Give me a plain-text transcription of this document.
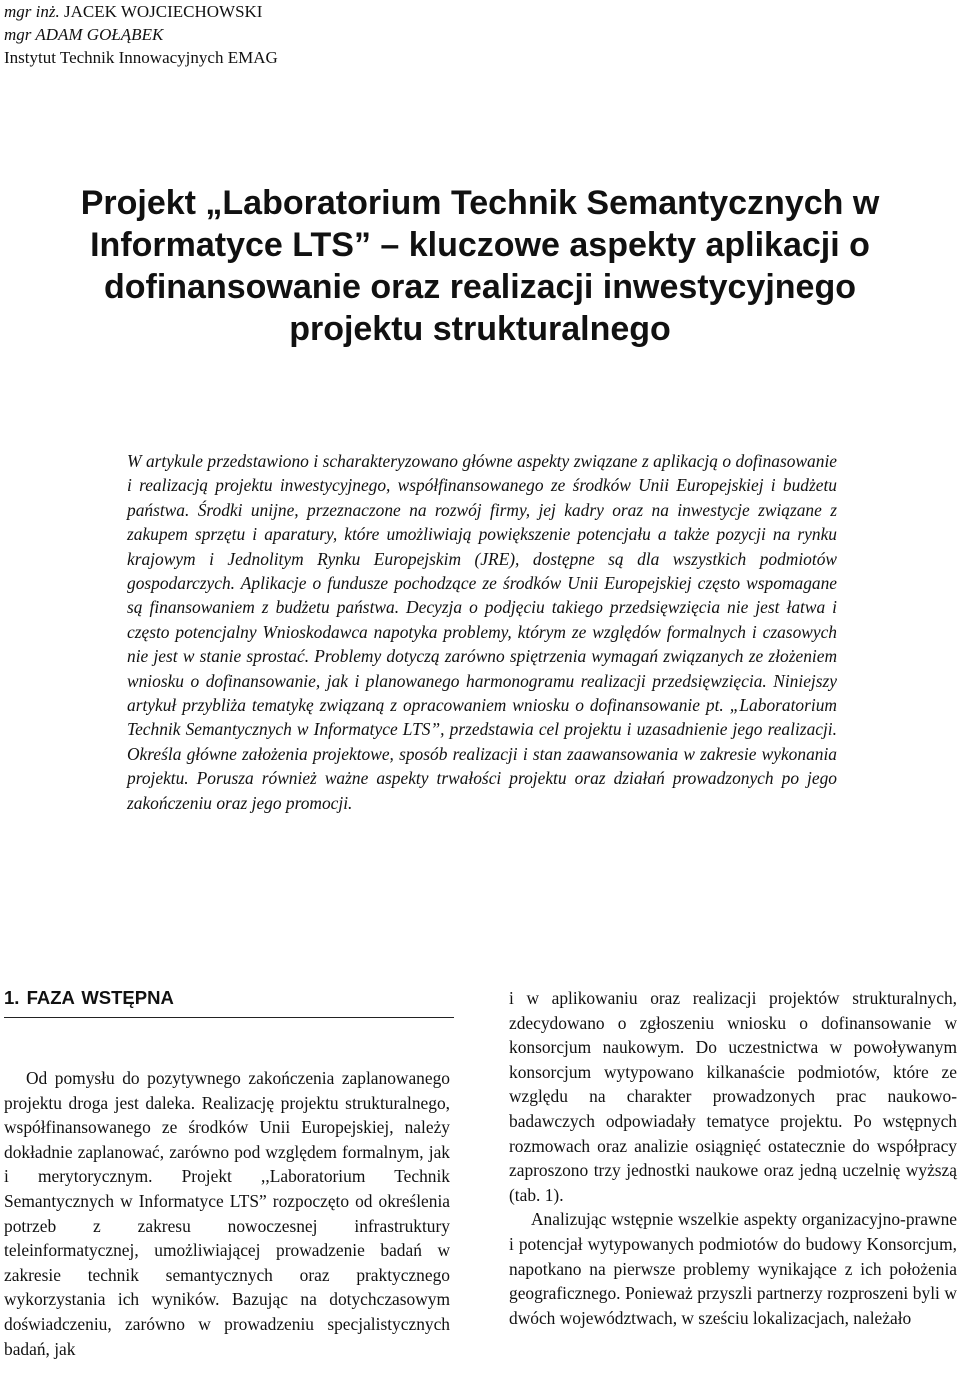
mgr inż. JACEK WOJCIECHOWSKI
mgr ADAM GOŁĄBEK
Instytut Technik Innowacyjnych EMAG
Projekt „Laboratorium Technik Semantycznych w Informatyce LTS” – kluczowe aspekty aplikacji o dofinansowanie oraz realizacji inwestycyjnego projektu strukturalnego

W artykule przedstawiono i scharakteryzowano główne aspekty związane z aplikacją o dofinasowanie i realizacją projektu inwestycyjnego, współfinansowanego ze środków Unii Europejskiej i budżetu państwa. Środki unijne, przeznaczone na rozwój firmy, jej kadry oraz na inwestycje związane z zakupem sprzętu i aparatury, które umożliwiają powiększenie potencjału a także pozycji na rynku krajowym i Jednolitym Rynku Europejskim (JRE), dostępne są dla wszystkich podmiotów gospodarczych. Aplikacje o fundusze pochodzące ze środków Unii Europejskiej często wspomagane są finansowaniem z budżetu państwa. Decyzja o podjęciu takiego przedsięwzięcia nie jest łatwa i często potencjalny Wnioskodawca napotyka problemy, którym ze względów formalnych i czasowych nie jest w stanie sprostać. Problemy dotyczą zarówno spiętrzenia wymagań związanych ze złożeniem wniosku o dofinansowanie, jak i planowanego harmonogramu realizacji przedsięwzięcia. Niniejszy artykuł przybliża tematykę związaną z opracowaniem wniosku o dofinansowanie pt. „Laboratorium Technik Semantycznych w Informatyce LTS”, przedstawia cel projektu i uzasadnienie jego realizacji. Określa główne założenia projektowe, sposób realizacji i stan zaawansowania w zakresie wykonania projektu. Porusza również ważne aspekty trwałości projektu oraz działań prowadzonych po jego zakończeniu oraz jego promocji.

1. FAZA WSTĘPNA

Od pomysłu do pozytywnego zakończenia zaplanowanego projektu droga jest daleka. Realizację projektu strukturalnego, współfinansowanego ze środków Unii Europejskiej, należy dokładnie zaplanować, zarówno pod względem formalnym, jak i merytorycznym. Projekt ,,Laboratorium Technik Semantycznych w Informatyce LTS” rozpoczęto od określenia potrzeb z zakresu nowoczesnej infrastruktury teleinformatycznej, umożliwiającej prowadzenie badań w zakresie technik semantycznych oraz praktycznego wykorzystania ich wyników. Bazując na dotychczasowym doświadczeniu, zarówno w prowadzeniu specjalistycznych badań, jak

i w aplikowaniu oraz realizacji projektów strukturalnych, zdecydowano o zgłoszeniu wniosku o dofinansowanie w konsorcjum naukowym. Do uczestnictwa w powoływanym konsorcjum wytypowano kilkanaście podmiotów, które ze względu na charakter prowadzonych prac naukowo-badawczych odpowiadały tematyce projektu. Po wstępnych rozmowach oraz analizie osiągnięć ostatecznie do współpracy zaproszono trzy jednostki naukowe oraz jedną uczelnię wyższą (tab. 1).

Analizując wstępnie wszelkie aspekty organizacyjno-prawne i potencjał wytypowanych podmiotów do budowy Konsorcjum, napotkano na pierwsze problemy wynikające z ich położenia geograficznego. Ponieważ przyszli partnerzy rozproszeni byli w dwóch województwach, w sześciu lokalizacjach, należało
